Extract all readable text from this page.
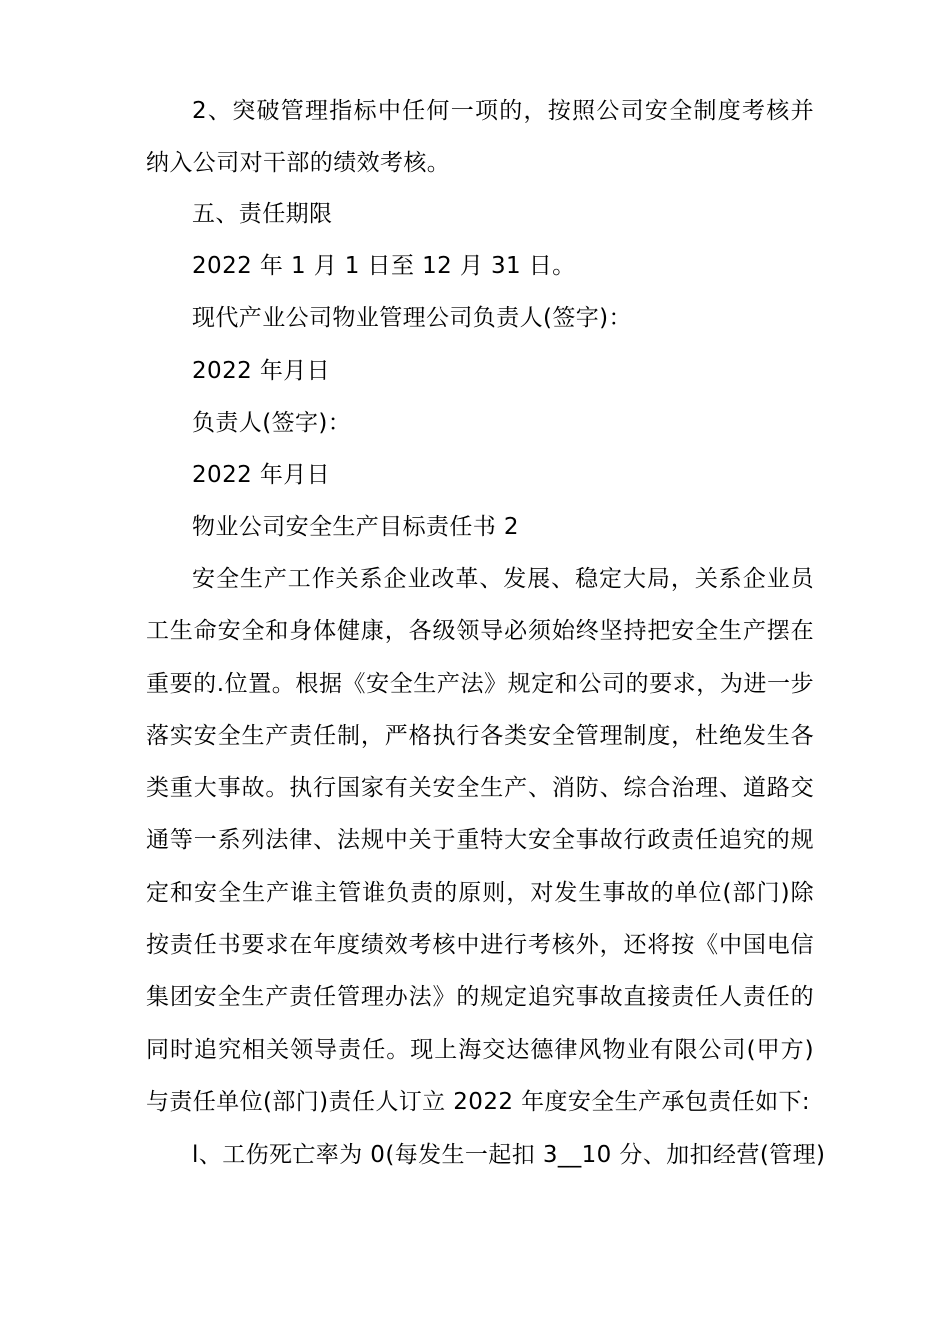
2、突破管理指标中任何一项的，按照公司安全制度考核并纳入公司对干部的绩效考核。

五、责任期限

2022 年 1 月 1 日至 12 月 31 日。

现代产业公司物业管理公司负责人(签字)：

2022 年月日

负责人(签字)：

2022 年月日

物业公司安全生产目标责任书 2

安全生产工作关系企业改革、发展、稳定大局，关系企业员工生命安全和身体健康，各级领导必须始终坚持把安全生产摆在重要的.位置。根据《安全生产法》规定和公司的要求，为进一步落实安全生产责任制，严格执行各类安全管理制度，杜绝发生各类重大事故。执行国家有关安全生产、消防、综合治理、道路交通等一系列法律、法规中关于重特大安全事故行政责任追究的规定和安全生产谁主管谁负责的原则，对发生事故的单位(部门)除按责任书要求在年度绩效考核中进行考核外，还将按《中国电信集团安全生产责任管理办法》的规定追究事故直接责任人责任的同时追究相关领导责任。现上海交达德律风物业有限公司(甲方)与责任单位(部门)责任人订立 2022 年度安全生产承包责任如下:

l、工伤死亡率为 0(每发生一起扣 3__10 分、加扣经营(管理)
